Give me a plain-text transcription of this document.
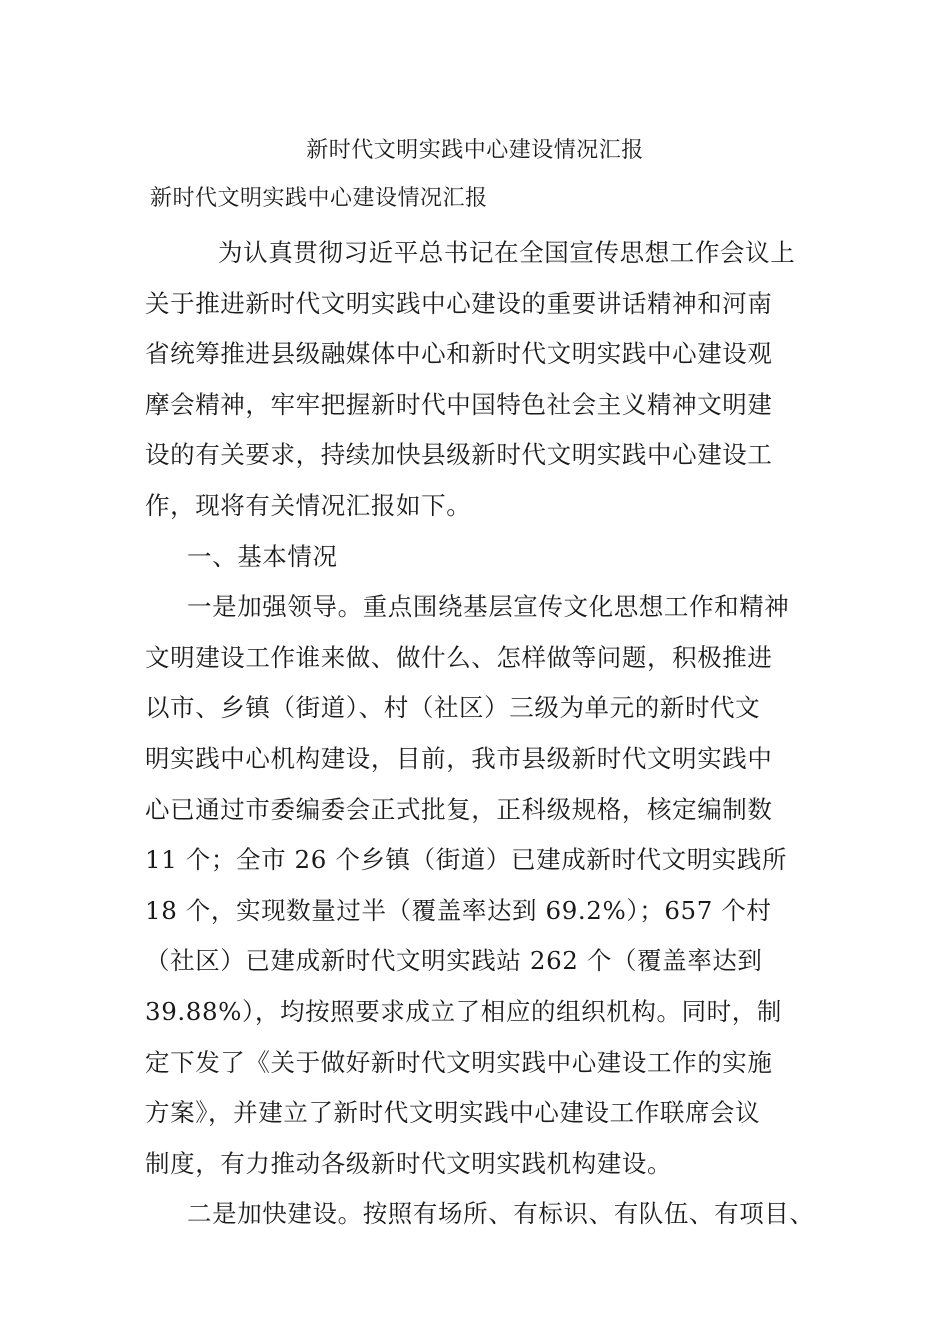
新时代文明实践中心建设情况汇报
新时代文明实践中心建设情况汇报
为认真贯彻习近平总书记在全国宣传思想工作会议上
关于推进新时代文明实践中心建设的重要讲话精神和河南
省统筹推进县级融媒体中心和新时代文明实践中心建设观
摩会精神，牢牢把握新时代中国特色社会主义精神文明建
设的有关要求，持续加快县级新时代文明实践中心建设工
作，现将有关情况汇报如下。
一、基本情况
一是加强领导。重点围绕基层宣传文化思想工作和精神
文明建设工作谁来做、做什么、怎样做等问题，积极推进
以市、乡镇（街道）、村（社区）三级为单元的新时代文
明实践中心机构建设，目前，我市县级新时代文明实践中
心已通过市委编委会正式批复，正科级规格，核定编制数
11 个；全市 26 个乡镇（街道）已建成新时代文明实践所
18 个，实现数量过半（覆盖率达到 69.2%）；657 个村
（社区）已建成新时代文明实践站 262 个（覆盖率达到
39.88%），均按照要求成立了相应的组织机构。同时，制
定下发了《关于做好新时代文明实践中心建设工作的实施
方案》，并建立了新时代文明实践中心建设工作联席会议
制度，有力推动各级新时代文明实践机构建设。
二是加快建设。按照有场所、有标识、有队伍、有项目、
